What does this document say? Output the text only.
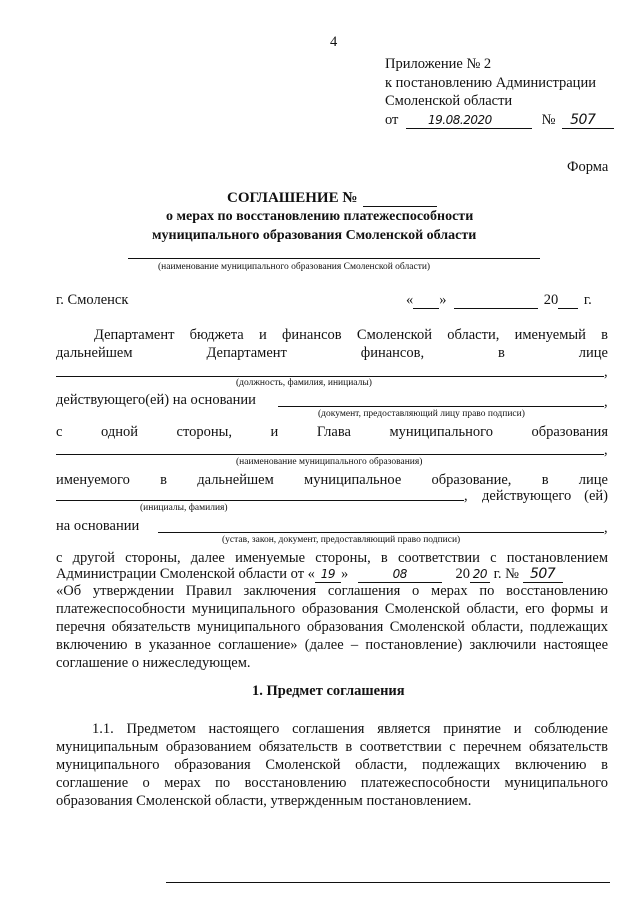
4
Приложение № 2
к постановлению Администрации
Смоленской области
от 19.08.2020	№ 507
Форма
СОГЛАШЕНИЕ №
о мерах по восстановлению платежеспособности
муниципального образования Смоленской области
(наименование муниципального образования Смоленской области)
г. Смоленск	« »	20 г.
Департамент бюджета и финансов Смоленской области, именуемый в
дальнейшем Департамент финансов, в лице
,
(должность, фамилия, инициалы)
действующего(ей) на основании	,
(документ, предоставляющий лицу право подписи)
с одной стороны, и Глава муниципального образования
,
(наименование муниципального образования)
именуемого в дальнейшем муниципальное образование, в лице
, действующего (ей)
(инициалы, фамилия)
на основании	,
(устав, закон, документ, предоставляющий право подписи)
с другой стороны, далее именуемые стороны, в соответствии с постановлением
Администрации Смоленской области от « 19 »	08	20 20 г. № 507
«Об утверждении Правил заключения соглашения о мерах по восстановлению платежеспособности муниципального образования Смоленской области, его формы и перечня обязательств муниципального образования Смоленской области, подлежащих включению в указанное соглашение» (далее – постановление) заключили настоящее соглашение о нижеследующем.
1. Предмет соглашения
1.1. Предметом настоящего соглашения является принятие и соблюдение муниципальным образованием обязательств в соответствии с перечнем обязательств муниципального образования Смоленской области, подлежащих включению в соглашение о мерах по восстановлению платежеспособности муниципального образования Смоленской области, утвержденным постановлением.
